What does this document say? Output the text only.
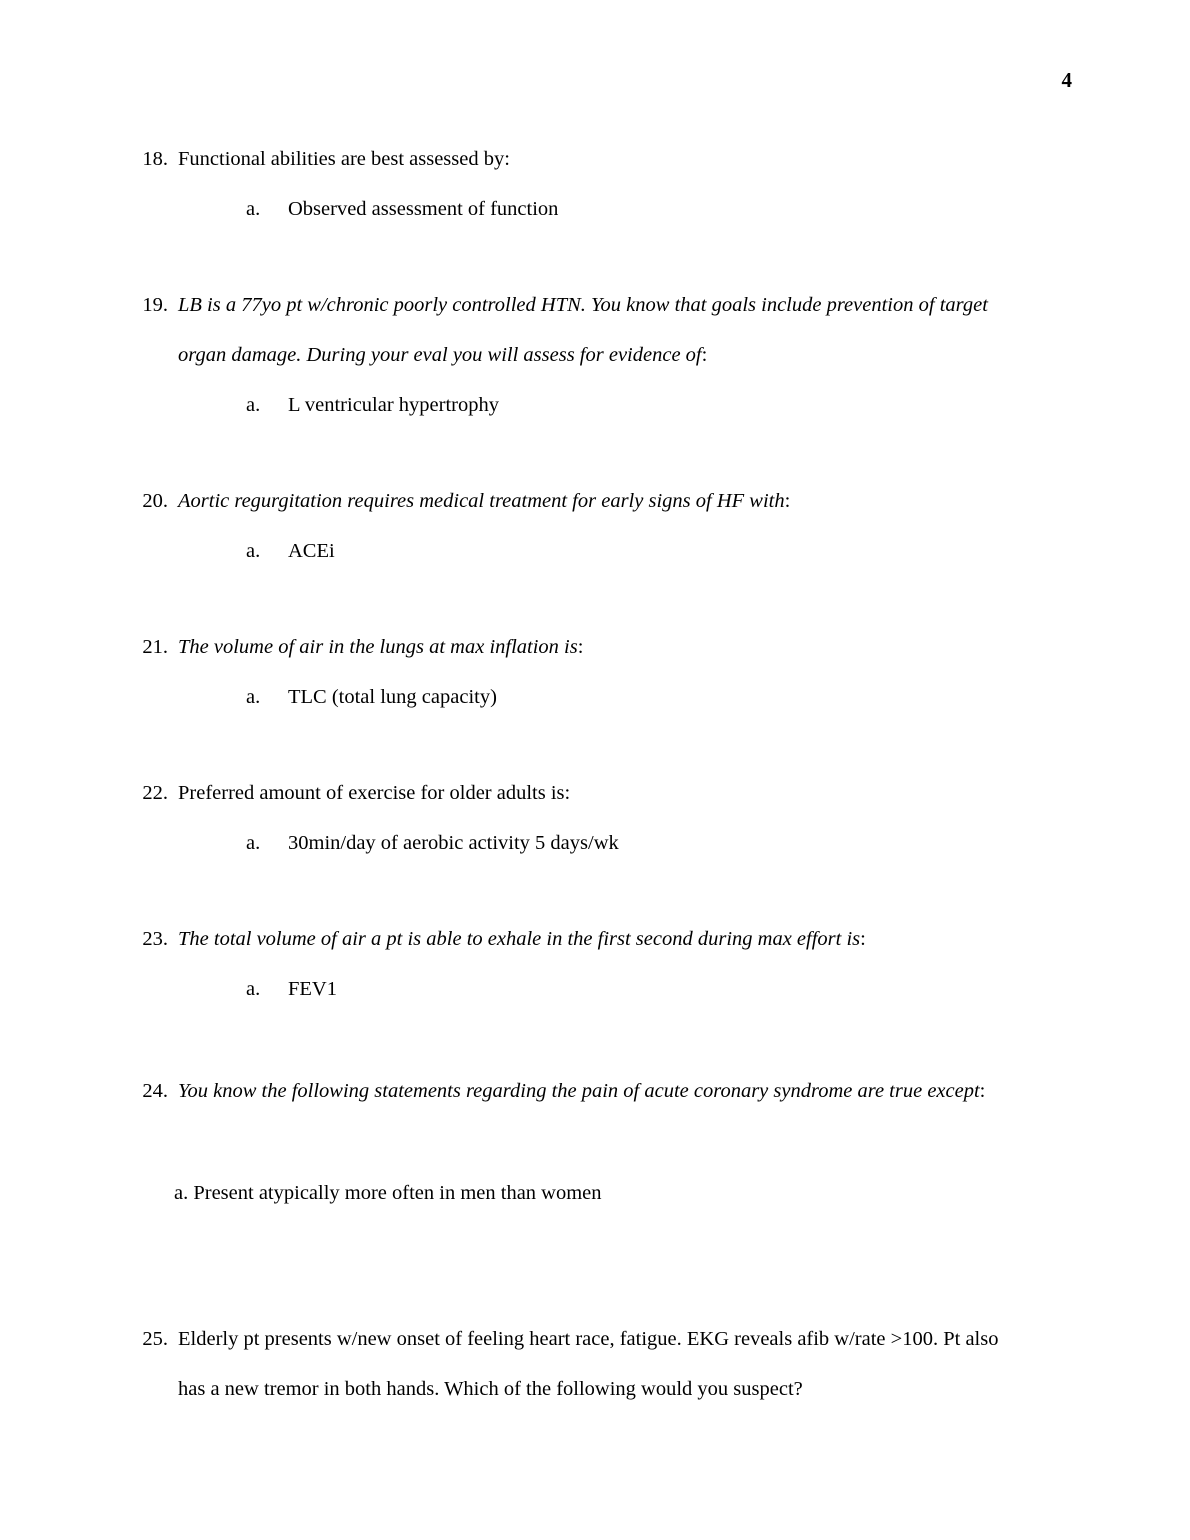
4
18. Functional abilities are best assessed by:
a.	Observed assessment of function
19. LB is a 77yo pt w/chronic poorly controlled HTN. You know that goals include prevention of target
organ damage. During your eval you will assess for evidence of:
a.	L ventricular hypertrophy
20. Aortic regurgitation requires medical treatment for early signs of HF with:
a.	ACEi
21. The volume of air in the lungs at max inflation is:
a.	TLC (total lung capacity)
22. Preferred amount of exercise for older adults is:
a.	30min/day of aerobic activity 5 days/wk
23. The total volume of air a pt is able to exhale in the first second during max effort is:
a.	FEV1
24. You know the following statements regarding the pain of acute coronary syndrome are true except:
a. Present atypically more often in men than women
25. Elderly pt presents w/new onset of feeling heart race, fatigue. EKG reveals afib w/rate >100. Pt also
has a new tremor in both hands. Which of the following would you suspect?
